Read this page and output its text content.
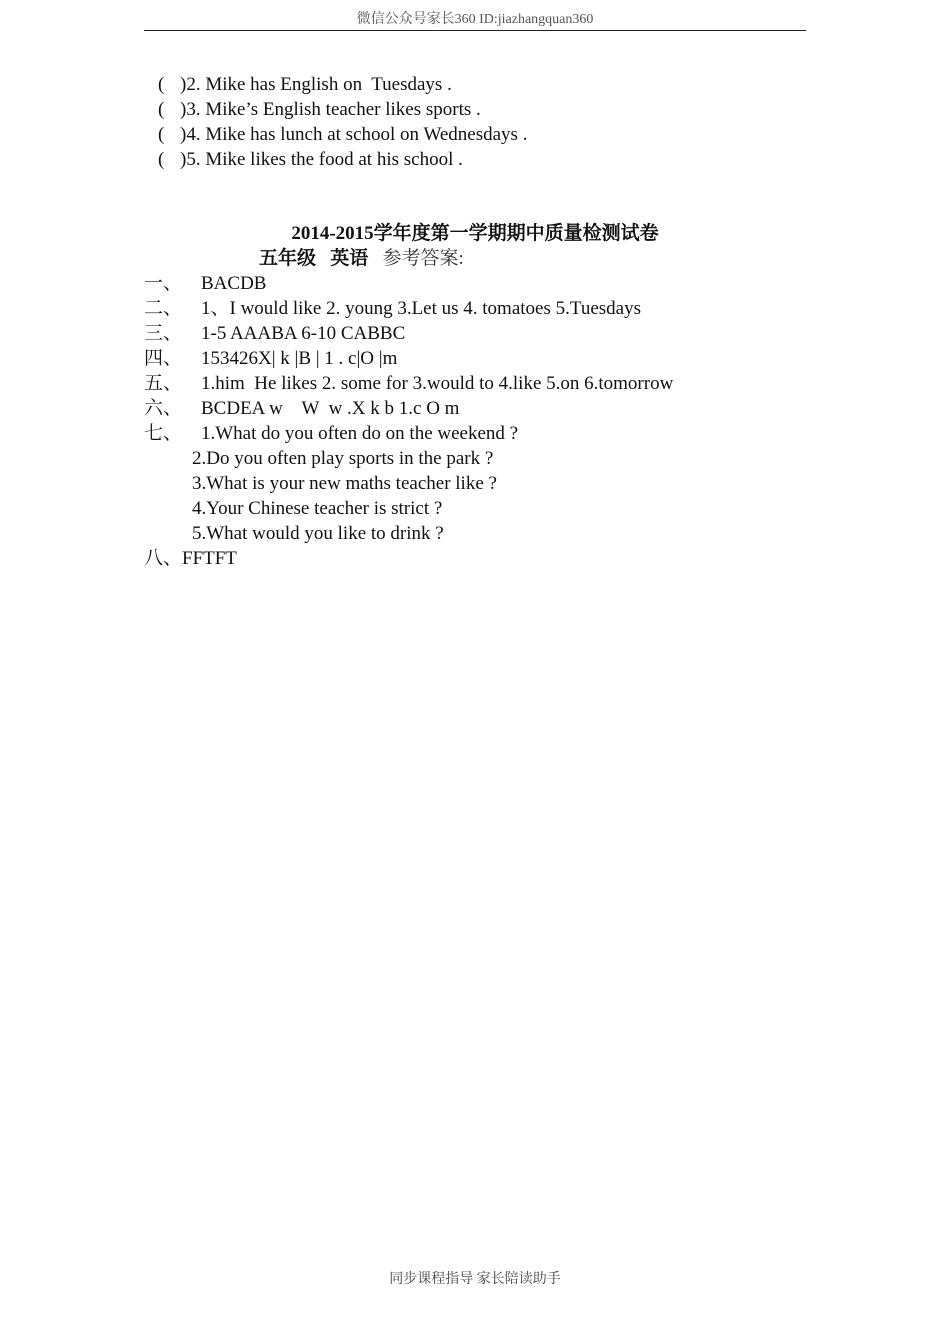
微信公众号家长360 ID:jiazhangquan360
( )2. Mike has English on  Tuesdays .
( )3. Mike’s English teacher likes sports .
( )4. Mike has lunch at school on Wednesdays .
( )5. Mike likes the food at his school .
2014-2015学年度第一学期期中质量检测试卷
五年级 英语 参考答案:
一、 BACDB
二、 1、I would like 2. young 3.Let us 4. tomatoes 5.Tuesdays
三、 1-5 AAABA 6-10 CABBC
四、 153426X| k |B | 1 . c|O |m
五、 1.him  He likes 2. some for 3.would to 4.like 5.on 6.tomorrow
六、 BCDEA w    W  w .X k b 1.c O m
七、 1.What do you often do on the weekend ?
2.Do you often play sports in the park ?
3.What is your new maths teacher like ?
4.Your Chinese teacher is strict ?
5.What would you like to drink ?
八、FFTFT
同步课程指导 家长陪读助手
